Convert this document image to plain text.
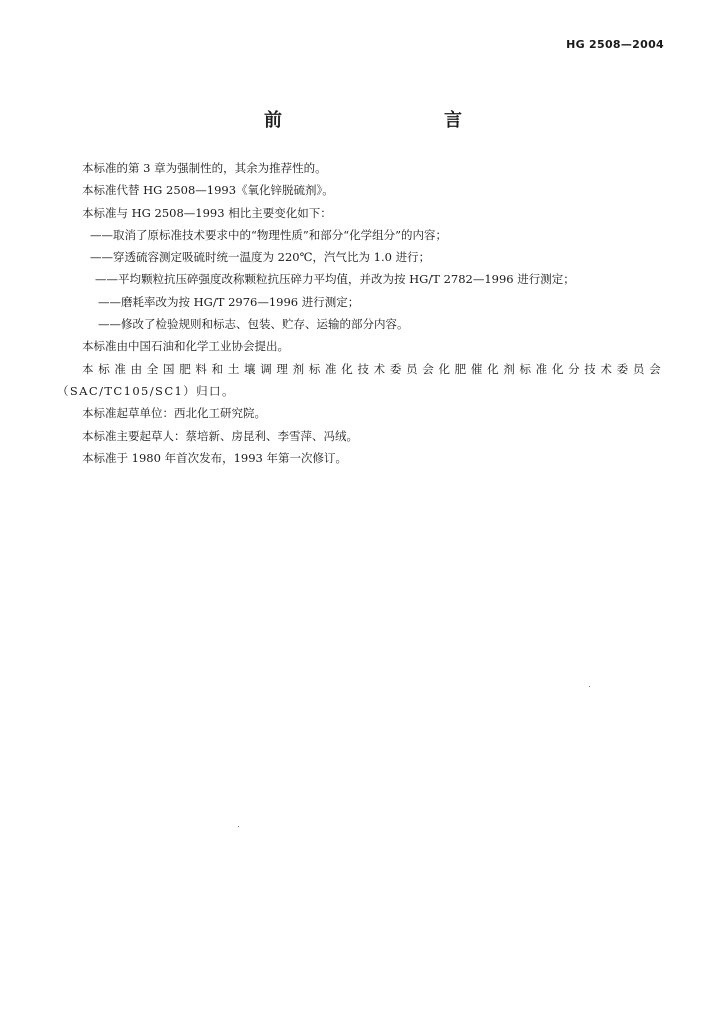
HG 2508—2004
前　　言

本标准的第 3 章为强制性的，其余为推荐性的。

本标准代替 HG 2508—1993《氧化锌脱硫剂》。

本标准与 HG 2508—1993 相比主要变化如下：

——取消了原标准技术要求中的“物理性质”和部分“化学组分”的内容；

——穿透硫容测定吸硫时统一温度为 220℃，汽气比为 1.0 进行；

——平均颗粒抗压碎强度改称颗粒抗压碎力平均值，并改为按 HG/T 2782—1996 进行测定；

——磨耗率改为按 HG/T 2976—1996 进行测定；

——修改了检验规则和标志、包装、贮存、运输的部分内容。

本标准由中国石油和化学工业协会提出。

本标准由全国肥料和土壤调理剂标准化技术委员会化肥催化剂标准化分技术委员会（SAC/TC105/SC1）归口。

本标准起草单位：西北化工研究院。

本标准主要起草人：蔡培新、房昆利、李雪萍、冯绒。

本标准于 1980 年首次发布，1993 年第一次修订。
